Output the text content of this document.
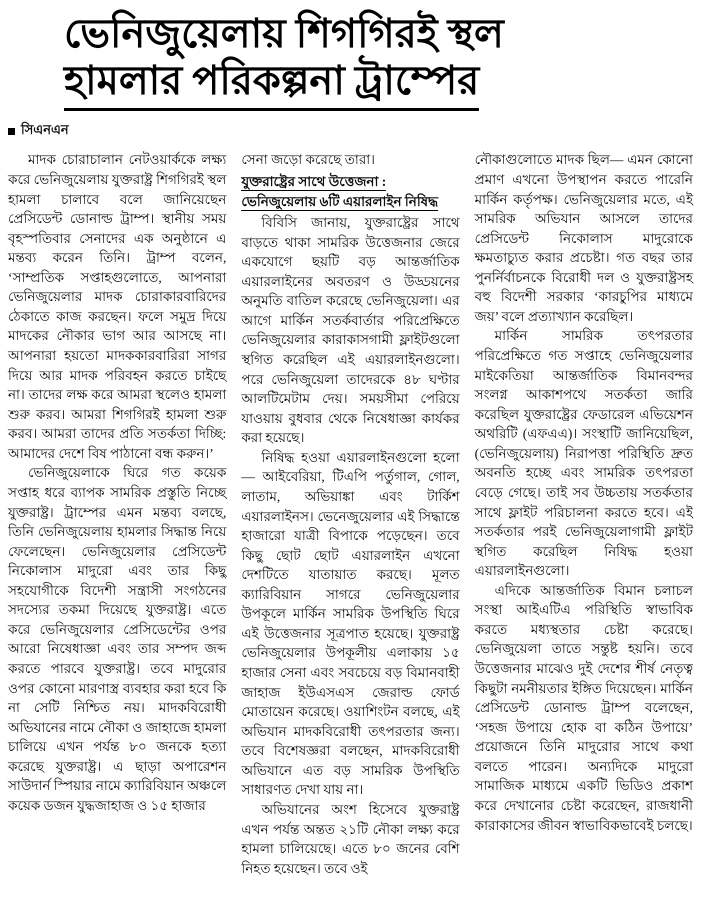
ভেনিজুয়েলায় শিগগিরই স্থল
হামলার পরিকল্পনা ট্রাম্পের
সিএনএন

মাদক চোরাচালান নেটওয়ার্ককে লক্ষ্য করে ভেনিজুয়েলায় যুক্তরাষ্ট্র শিগগিরই স্থল হামলা চালাবে বলে জানিয়েছেন প্রেসিডেন্ট ডোনাল্ড ট্রাম্প। স্থানীয় সময় বৃহস্পতিবার সেনাদের এক অনুষ্ঠানে এ মন্তব্য করেন তিনি। ট্রাম্প বলেন, ‘সাম্প্রতিক সপ্তাহগুলোতে, আপনারা ভেনিজুয়েলার মাদক চোরাকারবারিদের ঠেকাতে কাজ করছেন। ফলে সমুদ্র দিয়ে মাদকের নৌকার ভাগ আর আসছে না। আপনারা হয়তো মাদককারবারিরা সাগর দিয়ে আর মাদক পরিবহন করতে চাইছে না। তাদের লক্ষ করে আমরা স্থলেও হামলা শুরু করব। আমরা শিগগিরই হামলা শুরু করব। আমরা তাদের প্রতি সতর্কতা দিচ্ছি: আমাদের দেশে বিষ পাঠানো বন্ধ করুন।’

ভেনিজুয়েলাকে ঘিরে গত কয়েক সপ্তাহ ধরে ব্যাপক সামরিক প্রস্তুতি নিচ্ছে যুক্তরাষ্ট্র। ট্রাম্পের এমন মন্তব্য বলছে, তিনি ভেনিজুয়েলায় হামলার সিদ্ধান্ত নিয়ে ফেলেছেন। ভেনিজুয়েলার প্রেসিডেন্ট নিকোলাস মাদুরো এবং তার কিছু সহযোগীকে বিদেশী সন্ত্রাসী সংগঠনের সদস্যের তকমা দিয়েছে যুক্তরাষ্ট্র। এতে করে ভেনিজুয়েলার প্রেসিডেন্টের ওপর আরো নিষেধাজ্ঞা এবং তার সম্পদ জব্দ করতে পারবে যুক্তরাষ্ট্র। তবে মাদুরোর ওপর কোনো মারণাস্ত্র ব্যবহার করা হবে কি না সেটি নিশ্চিত নয়। মাদকবিরোধী অভিযানের নামে নৌকা ও জাহাজে হামলা চালিয়ে এখন পর্যন্ত ৮০ জনকে হত্যা করেছে যুক্তরাষ্ট্র। এ ছাড়া অপারেশন সাউদার্ন স্পিয়ার নামে ক্যারিবিয়ান অঞ্চলে কয়েক ডজন যুদ্ধজাহাজ ও ১৫ হাজার

সেনা জড়ো করেছে তারা।

যুক্তরাষ্ট্রের সাথে উত্তেজনা :
ভেনিজুয়েলায় ৬টি এয়ারলাইন নিষিদ্ধ

বিবিসি জানায়, যুক্তরাষ্ট্রের সাথে বাড়তে থাকা সামরিক উত্তেজনার জেরে একযোগে ছয়টি বড় আন্তর্জাতিক এয়ারলাইনের অবতরণ ও উড্ডয়নের অনুমতি বাতিল করেছে ভেনিজুয়েলা। এর আগে মার্কিন সতর্কবার্তার পরিপ্রেক্ষিতে ভেনিজুয়েলার কারাকাসগামী ফ্লাইটগুলো স্থগিত করেছিল এই এয়ারলাইনগুলো। পরে ভেনিজুয়েলা তাদেরকে ৪৮ ঘণ্টার আলটিমেটাম দেয়। সময়সীমা পেরিয়ে যাওয়ায় বুধবার থেকে নিষেধাজ্ঞা কার্যকর করা হয়েছে।

নিষিদ্ধ হওয়া এয়ারলাইনগুলো হলো— আইবেরিয়া, টিএপি পর্তুগাল, গোল, লাতাম, অভিয়াঙ্কা এবং টার্কিশ এয়ারলাইনস। ভেনেজুয়েলার এই সিদ্ধান্তে হাজারো যাত্রী বিপাকে পড়েছেন। তবে কিছু ছোট ছোট এয়ারলাইন এখনো দেশটিতে যাতায়াত করছে। মূলত ক্যারিবিয়ান সাগরে ভেনিজুয়েলার উপকূলে মার্কিন সামরিক উপস্থিতি ঘিরে এই উত্তেজনার সূত্রপাত হয়েছে। যুক্তরাষ্ট্র ভেনিজুয়েলার উপকূলীয় এলাকায় ১৫ হাজার সেনা এবং সবচেয়ে বড় বিমানবাহী জাহাজ ইউএসএস জেরাল্ড ফোর্ড মোতায়েন করেছে। ওয়াশিংটন বলছে, এই অভিযান মাদকবিরোধী তৎপরতার জন্য। তবে বিশেষজ্ঞরা বলছেন, মাদকবিরোধী অভিযানে এত বড় সামরিক উপস্থিতি সাধারণত দেখা যায় না।

অভিযানের অংশ হিসেবে যুক্তরাষ্ট্র এখন পর্যন্ত অন্তত ২১টি নৌকা লক্ষ্য করে হামলা চালিয়েছে। এতে ৮০ জনের বেশি নিহত হয়েছেন। তবে ওই

নৌকাগুলোতে মাদক ছিল— এমন কোনো প্রমাণ এখনো উপস্থাপন করতে পারেনি মার্কিন কর্তৃপক্ষ। ভেনিজুয়েলার মতে, এই সামরিক অভিযান আসলে তাদের প্রেসিডেন্ট নিকোলাস মাদুরোকে ক্ষমতাচ্যুত করার প্রচেষ্টা। গত বছর তার পুনর্নির্বাচনকে বিরোধী দল ও যুক্তরাষ্ট্রসহ বহু বিদেশী সরকার ‘কারচুপির মাধ্যমে জয়’ বলে প্রত্যাখ্যান করেছিল।

মার্কিন সামরিক তৎপরতার পরিপ্রেক্ষিতে গত সপ্তাহে ভেনিজুয়েলার মাইকেতিয়া আন্তর্জাতিক বিমানবন্দর সংলগ্ন আকাশপথে সতর্কতা জারি করেছিল যুক্তরাষ্ট্রের ফেডারেল এভিয়েশন অথরিটি (এফএএ)। সংস্থাটি জানিয়েছিল, (ভেনিজুয়েলায়) নিরাপত্তা পরিস্থিতি দ্রুত অবনতি হচ্ছে এবং সামরিক তৎপরতা বেড়ে গেছে। তাই সব উচ্চতায় সতর্কতার সাথে ফ্লাইট পরিচালনা করতে হবে। এই সতর্কতার পরই ভেনিজুয়েলাগামী ফ্লাইট স্থগিত করেছিল নিষিদ্ধ হওয়া এয়ারলাইনগুলো।

এদিকে আন্তর্জাতিক বিমান চলাচল সংস্থা আইএটিএ পরিস্থিতি স্বাভাবিক করতে মধ্যস্থতার চেষ্টা করেছে। ভেনিজুয়েলা তাতে সন্তুষ্ট হয়নি। তবে উত্তেজনার মাঝেও দুই দেশের শীর্ষ নেতৃত্ব কিছুটা নমনীয়তার ইঙ্গিত দিয়েছেন। মার্কিন প্রেসিডেন্ট ডোনাল্ড ট্রাম্প বলেছেন, ‘সহজ উপায়ে হোক বা কঠিন উপায়ে’ প্রয়োজনে তিনি মাদুরোর সাথে কথা বলতে পারেন। অন্যদিকে মাদুরো সামাজিক মাধ্যমে একটি ভিডিও প্রকাশ করে দেখানোর চেষ্টা করেছেন, রাজধানী কারাকাসের জীবন স্বাভাবিকভাবেই চলছে।
